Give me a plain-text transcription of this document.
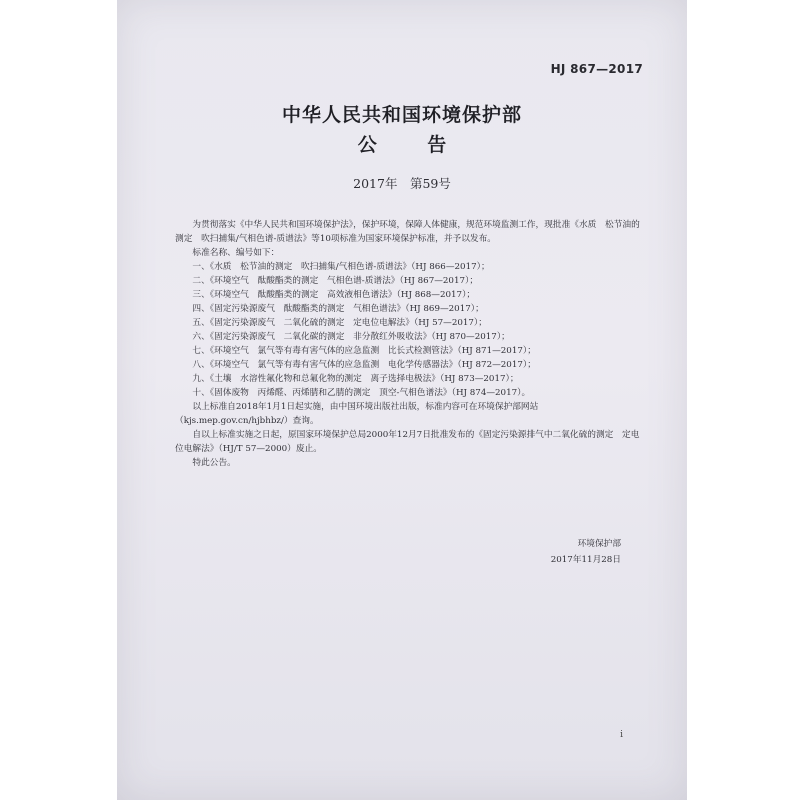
HJ 867—2017
中华人民共和国环境保护部
公 告
2017年　第59号

为贯彻落实《中华人民共和国环境保护法》，保护环境，保障人体健康，规范环境监测工作，现批准《水质　松节油的测定　吹扫捕集/气相色谱-质谱法》等10项标准为国家环境保护标准，并予以发布。

标准名称、编号如下：

一、《水质　松节油的测定　吹扫捕集/气相色谱-质谱法》（HJ 866—2017）；
二、《环境空气　酞酸酯类的测定　气相色谱-质谱法》（HJ 867—2017）；
三、《环境空气　酞酸酯类的测定　高效液相色谱法》（HJ 868—2017）；
四、《固定污染源废气　酞酸酯类的测定　气相色谱法》（HJ 869—2017）；
五、《固定污染源废气　二氧化硫的测定　定电位电解法》（HJ 57—2017）；
六、《固定污染源废气　二氧化碳的测定　非分散红外吸收法》（HJ 870—2017）；
七、《环境空气　氯气等有毒有害气体的应急监测　比长式检测管法》（HJ 871—2017）；
八、《环境空气　氯气等有毒有害气体的应急监测　电化学传感器法》（HJ 872—2017）；
九、《土壤　水溶性氟化物和总氟化物的测定　离子选择电极法》（HJ 873—2017）；
十、《固体废物　丙烯醛、丙烯腈和乙腈的测定　顶空-气相色谱法》（HJ 874—2017）。

以上标准自2018年1月1日起实施，由中国环境出版社出版，标准内容可在环境保护部网站（kjs.mep.gov.cn/hjbhbz/）查询。

自以上标准实施之日起，原国家环境保护总局2000年12月7日批准发布的《固定污染源排气中二氧化硫的测定　定电位电解法》（HJ/T 57—2000）废止。

特此公告。

环境保护部
2017年11月28日
i
